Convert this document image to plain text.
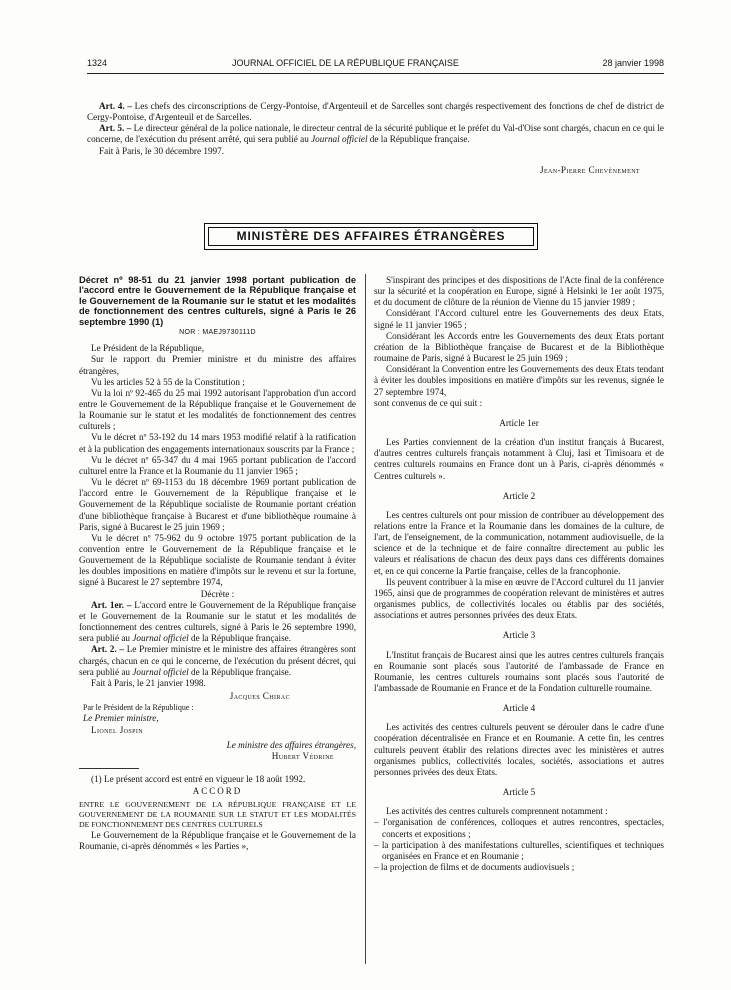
1324	JOURNAL OFFICIEL DE LA RÉPUBLIQUE FRANÇAISE	28 janvier 1998

Art. 4. – Les chefs des circonscriptions de Cergy-Pontoise, d'Argenteuil et de Sarcelles sont chargés respectivement des fonctions de chef de district de Cergy-Pontoise, d'Argenteuil et de Sarcelles.

Art. 5. – Le directeur général de la police nationale, le directeur central de la sécurité publique et le préfet du Val-d'Oise sont chargés, chacun en ce qui le concerne, de l'exécution du présent arrêté, qui sera publié au Journal officiel de la République française.

Fait à Paris, le 30 décembre 1997.

Jean-Pierre Chevènement

MINISTÈRE DES AFFAIRES ÉTRANGÈRES

Décret nº 98-51 du 21 janvier 1998 portant publication de l'accord entre le Gouvernement de la République française et le Gouvernement de la Roumanie sur le statut et les modalités de fonctionnement des centres culturels, signé à Paris le 26 septembre 1990 (1)

NOR : MAEJ9730111D

Le Président de la République,

Sur le rapport du Premier ministre et du ministre des affaires étrangères,

Vu les articles 52 à 55 de la Constitution ;

Vu la loi nº 92-465 du 25 mai 1992 autorisant l'approbation d'un accord entre le Gouvernement de la République française et le Gouvernement de la Roumanie sur le statut et les modalités de fonctionnement des centres culturels ;

Vu le décret nº 53-192 du 14 mars 1953 modifié relatif à la ratification et à la publication des engagements internationaux souscrits par la France ;

Vu le décret nº 65-347 du 4 mai 1965 portant publication de l'accord culturel entre la France et la Roumanie du 11 janvier 1965 ;

Vu le décret nº 69-1153 du 18 décembre 1969 portant publication de l'accord entre le Gouvernement de la République française et le Gouvernement de la République socialiste de Roumanie portant création d'une bibliothèque française à Bucarest et d'une bibliothèque roumaine à Paris, signé à Bucarest le 25 juin 1969 ;

Vu le décret nº 75-962 du 9 octobre 1975 portant publication de la convention entre le Gouvernement de la République française et le Gouvernement de la République socialiste de Roumanie tendant à éviter les doubles impositions en matière d'impôts sur le revenu et sur la fortune, signé à Bucarest le 27 septembre 1974,

Décrète :

Art. 1er. – L'accord entre le Gouvernement de la République française et le Gouvernement de la Roumanie sur le statut et les modalités de fonctionnement des centres culturels, signé à Paris le 26 septembre 1990, sera publié au Journal officiel de la République française.

Art. 2. – Le Premier ministre et le ministre des affaires étrangères sont chargés, chacun en ce qui le concerne, de l'exécution du présent décret, qui sera publié au Journal officiel de la République française.

Fait à Paris, le 21 janvier 1998.

Jacques Chirac

Par le Président de la République :

Le Premier ministre,

Lionel Jospin

Le ministre des affaires étrangères,

Hubert Védrine

(1) Le présent accord est entré en vigueur le 18 août 1992.

ACCORD

ENTRE LE GOUVERNEMENT DE LA RÉPUBLIQUE FRANÇAISE ET LE GOUVERNEMENT DE LA ROUMANIE SUR LE STATUT ET LES MODALITÉS DE FONCTIONNEMENT DES CENTRES CULTURELS

Le Gouvernement de la République française et le Gouvernement de la Roumanie, ci-après dénommés « les Parties »,

S'inspirant des principes et des dispositions de l'Acte final de la conférence sur la sécurité et la coopération en Europe, signé à Helsinki le 1er août 1975, et du document de clôture de la réunion de Vienne du 15 janvier 1989 ;

Considérant l'Accord culturel entre les Gouvernements des deux Etats, signé le 11 janvier 1965 ;

Considérant les Accords entre les Gouvernements des deux Etats portant création de la Bibliothèque française de Bucarest et de la Bibliothèque roumaine de Paris, signé à Bucarest le 25 juin 1969 ;

Considérant la Convention entre les Gouvernements des deux Etats tendant à éviter les doubles impositions en matière d'impôts sur les revenus, signée le 27 septembre 1974,

sont convenus de ce qui suit :

Article 1er

Les Parties conviennent de la création d'un institut français à Bucarest, d'autres centres culturels français notamment à Cluj, Iasi et Timisoara et de centres culturels roumains en France dont un à Paris, ci-après dénommés « Centres culturels ».

Article 2

Les centres culturels ont pour mission de contribuer au développement des relations entre la France et la Roumanie dans les domaines de la culture, de l'art, de l'enseignement, de la communication, notamment audiovisuelle, de la science et de la technique et de faire connaître directement au public les valeurs et réalisations de chacun des deux pays dans ces différents domaines et, en ce qui concerne la Partie française, celles de la francophonie.

Ils peuvent contribuer à la mise en œuvre de l'Accord culturel du 11 janvier 1965, ainsi que de programmes de coopération relevant de ministères et autres organismes publics, de collectivités locales ou établis par des sociétés, associations et autres personnes privées des deux Etats.

Article 3

L'Institut français de Bucarest ainsi que les autres centres culturels français en Roumanie sont placés sous l'autorité de l'ambassade de France en Roumanie, les centres culturels roumains sont placés sous l'autorité de l'ambassade de Roumanie en France et de la Fondation culturelle roumaine.

Article 4

Les activités des centres culturels peuvent se dérouler dans le cadre d'une coopération décentralisée en France et en Roumanie. A cette fin, les centres culturels peuvent établir des relations directes avec les ministères et autres organismes publics, collectivités locales, sociétés, associations et autres personnes privées des deux Etats.

Article 5

Les activités des centres culturels comprennent notamment :

– l'organisation de conférences, colloques et autres rencontres, spectacles, concerts et expositions ;
– la participation à des manifestations culturelles, scientifiques et techniques organisées en France et en Roumanie ;
– la projection de films et de documents audiovisuels ;
